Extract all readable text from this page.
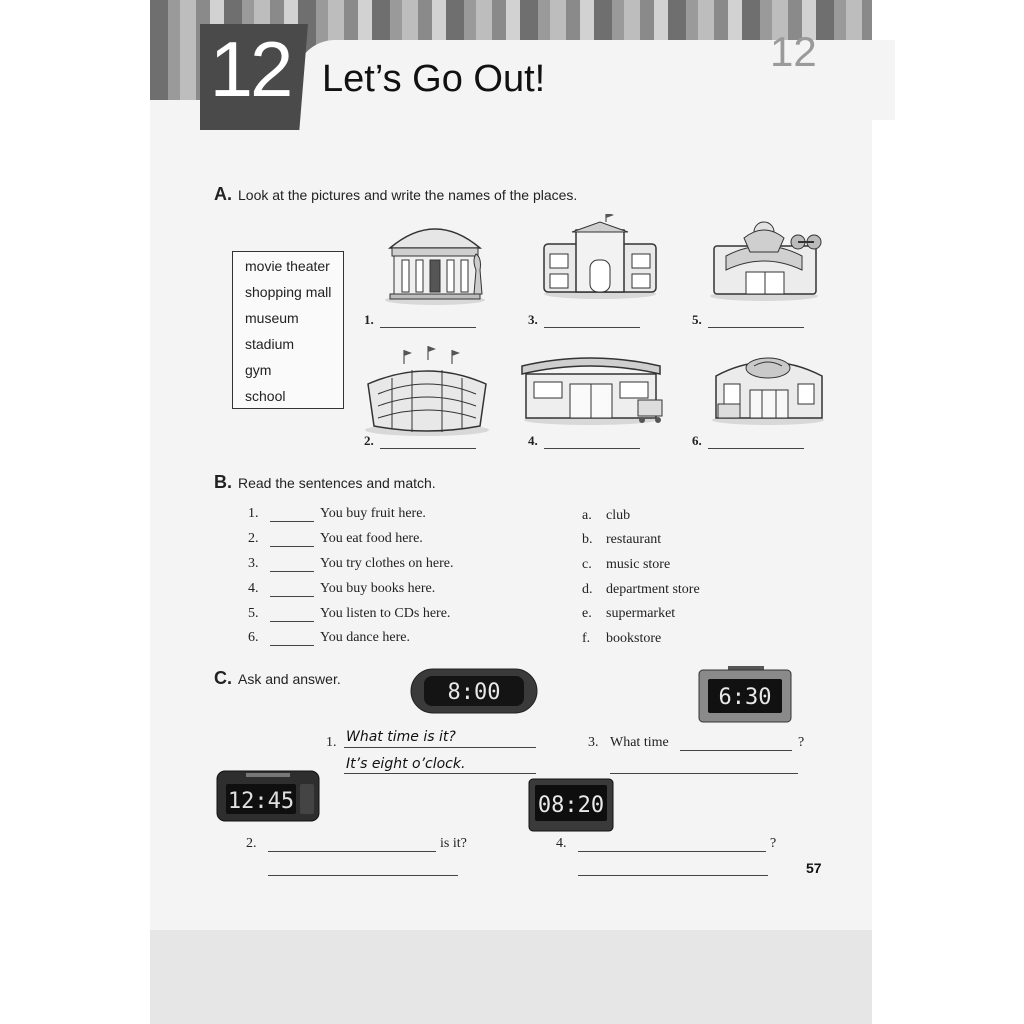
12
12 Let’s Go Out!
A. Look at the pictures and write the names of the places.
movie theater
shopping mall
museum
stadium
gym
school
1.	3.	5.
2.	4.	6.
B. Read the sentences and match.
1.	You buy fruit here.
2.	You eat food here.
3.	You try clothes on here.
4.	You buy books here.
5.	You listen to CDs here.
6.	You dance here.
a. club
b. restaurant
c. music store
d. department store
e. supermarket
f. bookstore
C. Ask and answer.
8:00	6:30
1. What time is it?
It’s eight o’clock.
3. What time	?
12:45	08:20
2.	is it?	4.	?
57
